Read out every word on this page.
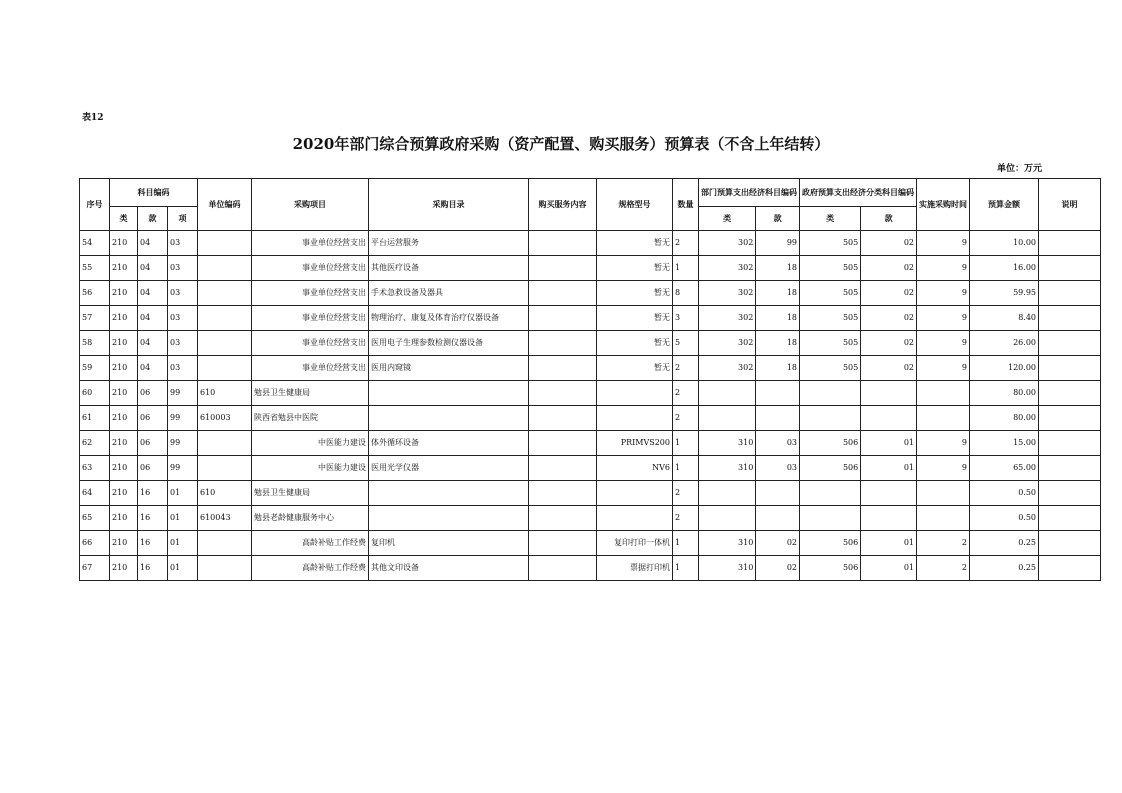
表12
2020年部门综合预算政府采购（资产配置、购买服务）预算表（不含上年结转）
单位：万元
序号	科目编码			单位编码	采购项目	采购目录	购买服务内容	规格型号	数量	部门预算支出经济科目编码		政府预算支出经济分类科目编码		实施采购时间	预算金额	说明
	类	款	项							类	款	类	款			
54	210	04	03		事业单位经营支出	平台运营服务		暂无	2	302	99	505	02	9	10.00	
55	210	04	03		事业单位经营支出	其他医疗设备		暂无	1	302	18	505	02	9	16.00	
56	210	04	03		事业单位经营支出	手术急救设备及器具		暂无	8	302	18	505	02	9	59.95	
57	210	04	03		事业单位经营支出	物理治疗、康复及体育治疗仪器设备		暂无	3	302	18	505	02	9	8.40	
58	210	04	03		事业单位经营支出	医用电子生理参数检测仪器设备		暂无	5	302	18	505	02	9	26.00	
59	210	04	03		事业单位经营支出	医用内窥镜		暂无	2	302	18	505	02	9	120.00	
60	210	06	99	610	勉县卫生健康局				2						80.00	
61	210	06	99	610003	陕西省勉县中医院				2						80.00	
62	210	06	99		中医能力建设	体外循环设备		PRIMVS200	1	310	03	506	01	9	15.00	
63	210	06	99		中医能力建设	医用光学仪器		NV6	1	310	03	506	01	9	65.00	
64	210	16	01	610	勉县卫生健康局				2						0.50	
65	210	16	01	610043	勉县老龄健康服务中心				2						0.50	
66	210	16	01		高龄补贴工作经费	复印机		复印打印一体机	1	310	02	506	01	2	0.25	
67	210	16	01		高龄补贴工作经费	其他文印设备		票据打印机	1	310	02	506	01	2	0.25	
